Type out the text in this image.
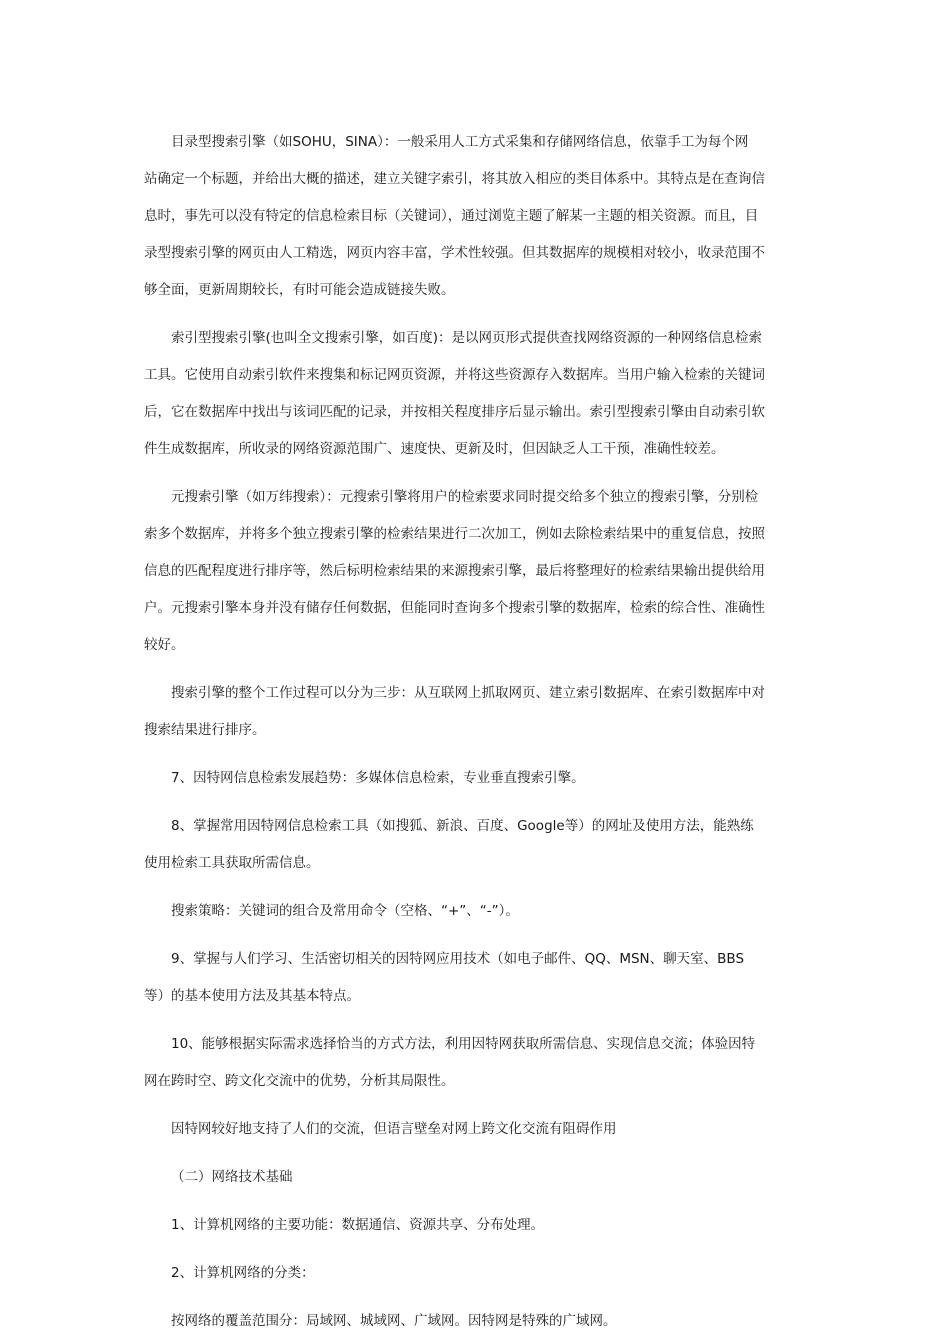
目录型搜索引擎（如SOHU，SINA）：一般采用人工方式采集和存储网络信息，依靠手工为每个网
站确定一个标题，并给出大概的描述，建立关键字索引，将其放入相应的类目体系中。其特点是在查询信
息时，事先可以没有特定的信息检索目标（关键词），通过浏览主题了解某一主题的相关资源。而且，目
录型搜索引擎的网页由人工精选，网页内容丰富，学术性较强。但其数据库的规模相对较小，收录范围不
够全面，更新周期较长，有时可能会造成链接失败。

索引型搜索引擎(也叫全文搜索引擎，如百度)：是以网页形式提供查找网络资源的一种网络信息检索
工具。它使用自动索引软件来搜集和标记网页资源，并将这些资源存入数据库。当用户输入检索的关键词
后，它在数据库中找出与该词匹配的记录，并按相关程度排序后显示输出。索引型搜索引擎由自动索引软
件生成数据库，所收录的网络资源范围广、速度快、更新及时，但因缺乏人工干预，准确性较差。

元搜索引擎（如万纬搜索）：元搜索引擎将用户的检索要求同时提交给多个独立的搜索引擎，分别检
索多个数据库，并将多个独立搜索引擎的检索结果进行二次加工，例如去除检索结果中的重复信息，按照
信息的匹配程度进行排序等，然后标明检索结果的来源搜索引擎，最后将整理好的检索结果输出提供给用
户。元搜索引擎本身并没有储存任何数据，但能同时查询多个搜索引擎的数据库，检索的综合性、准确性
较好。

搜索引擎的整个工作过程可以分为三步：从互联网上抓取网页、建立索引数据库、在索引数据库中对
搜索结果进行排序。

7、因特网信息检索发展趋势：多媒体信息检索，专业垂直搜索引擎。

8、掌握常用因特网信息检索工具（如搜狐、新浪、百度、Google等）的网址及使用方法，能熟练
使用检索工具获取所需信息。

搜索策略：关键词的组合及常用命令（空格、“+”、“-”）。

9、掌握与人们学习、生活密切相关的因特网应用技术（如电子邮件、QQ、MSN、聊天室、BBS
等）的基本使用方法及其基本特点。

10、能够根据实际需求选择恰当的方式方法，利用因特网获取所需信息、实现信息交流；体验因特
网在跨时空、跨文化交流中的优势，分析其局限性。

因特网较好地支持了人们的交流，但语言壁垒对网上跨文化交流有阻碍作用

（二）网络技术基础

1、计算机网络的主要功能：数据通信、资源共享、分布处理。

2、计算机网络的分类：

按网络的覆盖范围分：局域网、城域网、广域网。因特网是特殊的广域网。
